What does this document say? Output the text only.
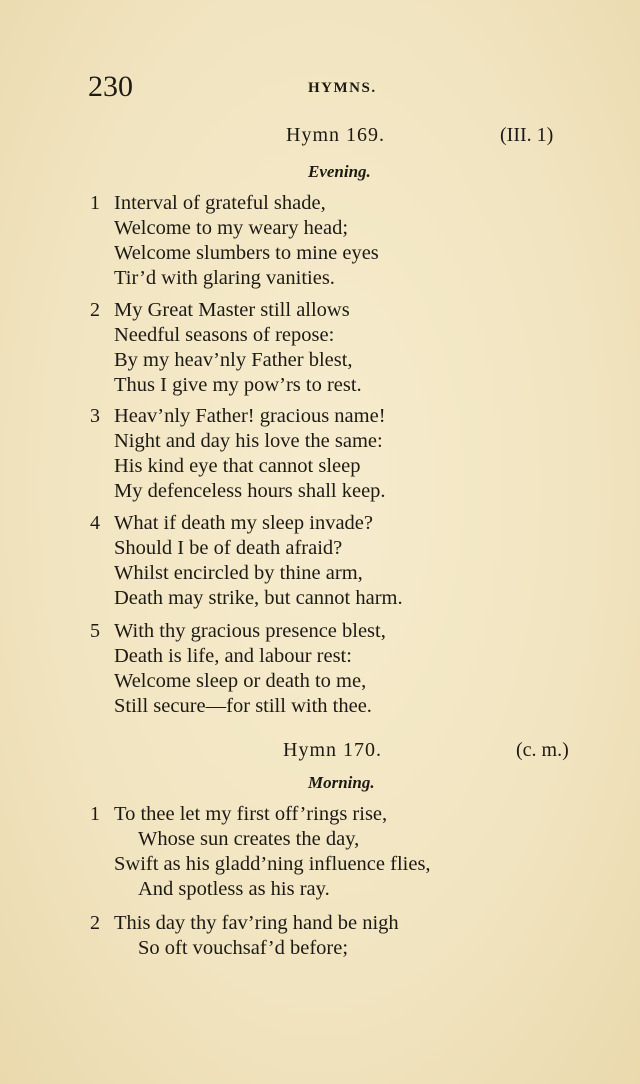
230	HYMNS.
Hymn 169.	(III. 1)
Evening.
1 Interval of grateful shade,
Welcome to my weary head;
Welcome slumbers to mine eyes
Tir’d with glaring vanities.
2 My Great Master still allows
Needful seasons of repose:
By my heav’nly Father blest,
Thus I give my pow’rs to rest.
3 Heav’nly Father! gracious name!
Night and day his love the same:
His kind eye that cannot sleep
My defenceless hours shall keep.
4 What if death my sleep invade?
Should I be of death afraid?
Whilst encircled by thine arm,
Death may strike, but cannot harm.
5 With thy gracious presence blest,
Death is life, and labour rest:
Welcome sleep or death to me,
Still secure—for still with thee.
Hymn 170.	(c. m.)
Morning.
1 To thee let my first off’rings rise,
Whose sun creates the day,
Swift as his gladd’ning influence flies,
And spotless as his ray.
2 This day thy fav’ring hand be nigh
So oft vouchsaf’d before;
